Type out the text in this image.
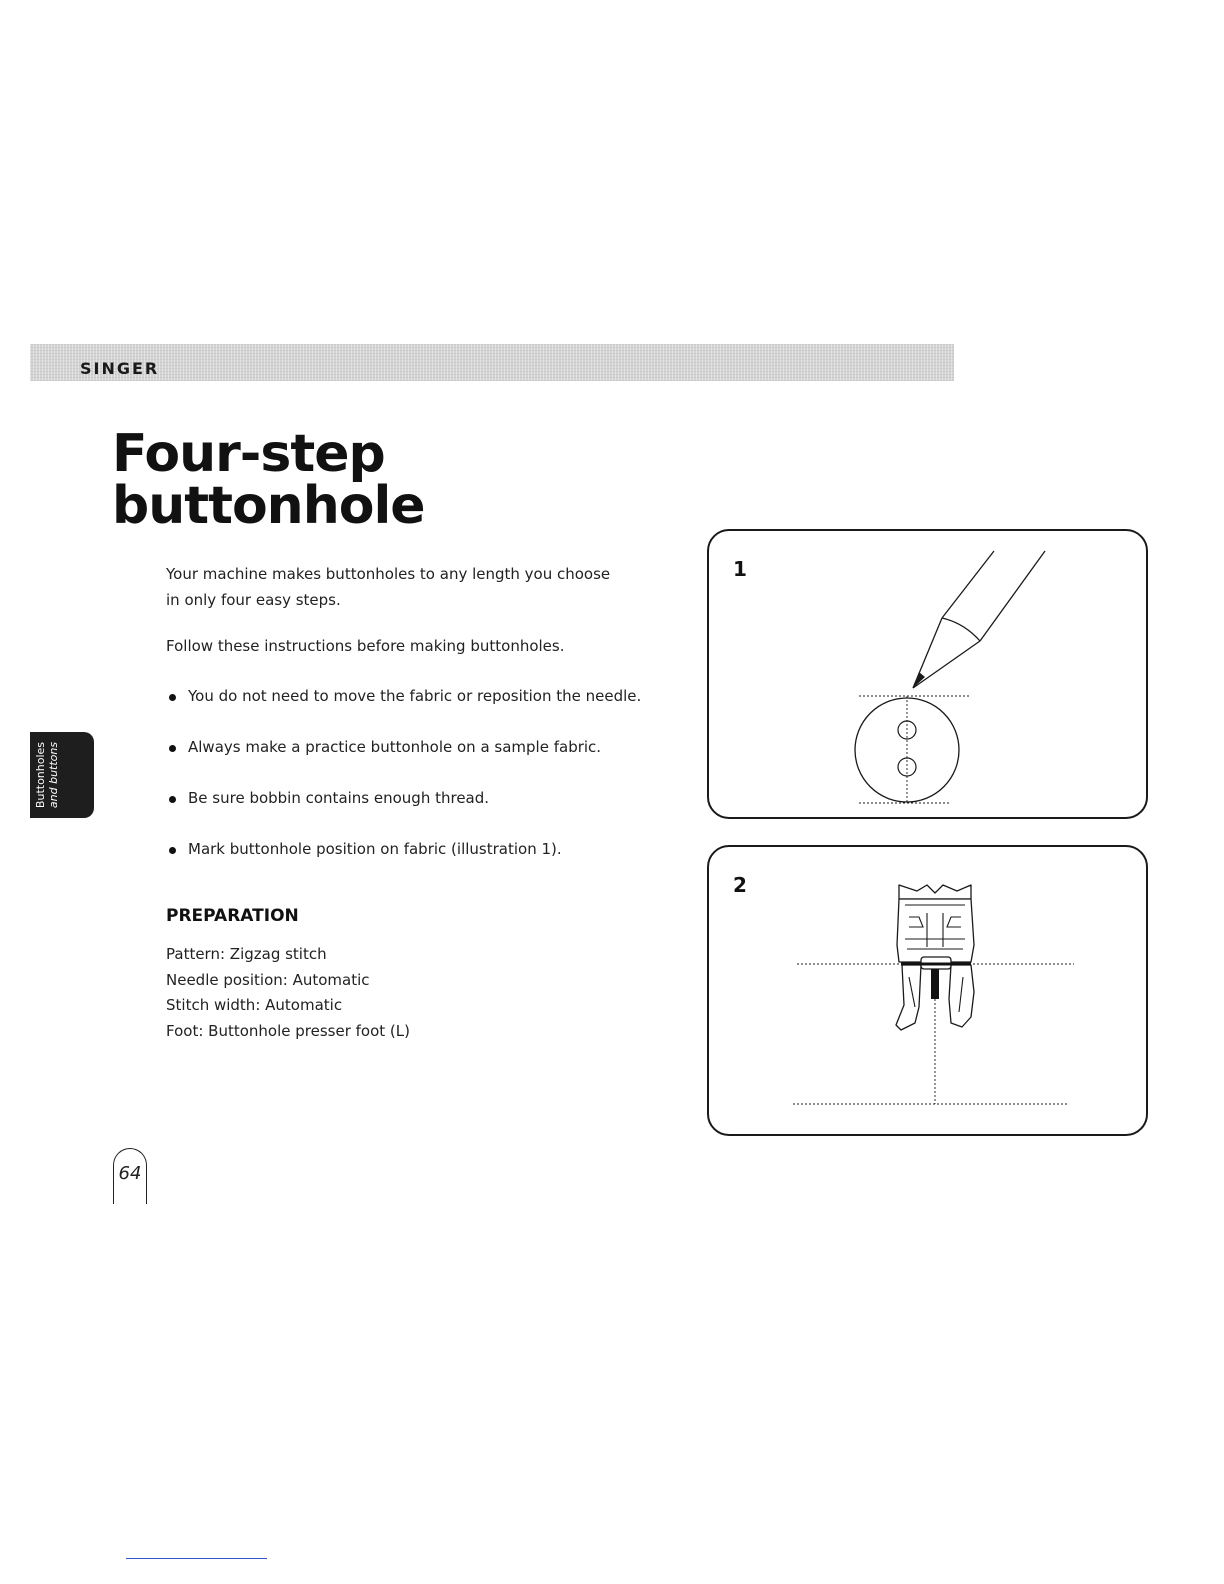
SINGER
Four-step
buttonhole
Buttonholes and buttons

Your machine makes buttonholes to any length you choose in only four easy steps.

Follow these instructions before making buttonholes.

You do not need to move the fabric or reposition the needle.
Always make a practice buttonhole on a sample fabric.
Be sure bobbin contains enough thread.
Mark buttonhole position on fabric (illustration 1).
PREPARATION
Pattern: Zigzag stitch
Needle position: Automatic
Stitch width: Automatic
Foot: Buttonhole presser foot (L)
1
2
64
